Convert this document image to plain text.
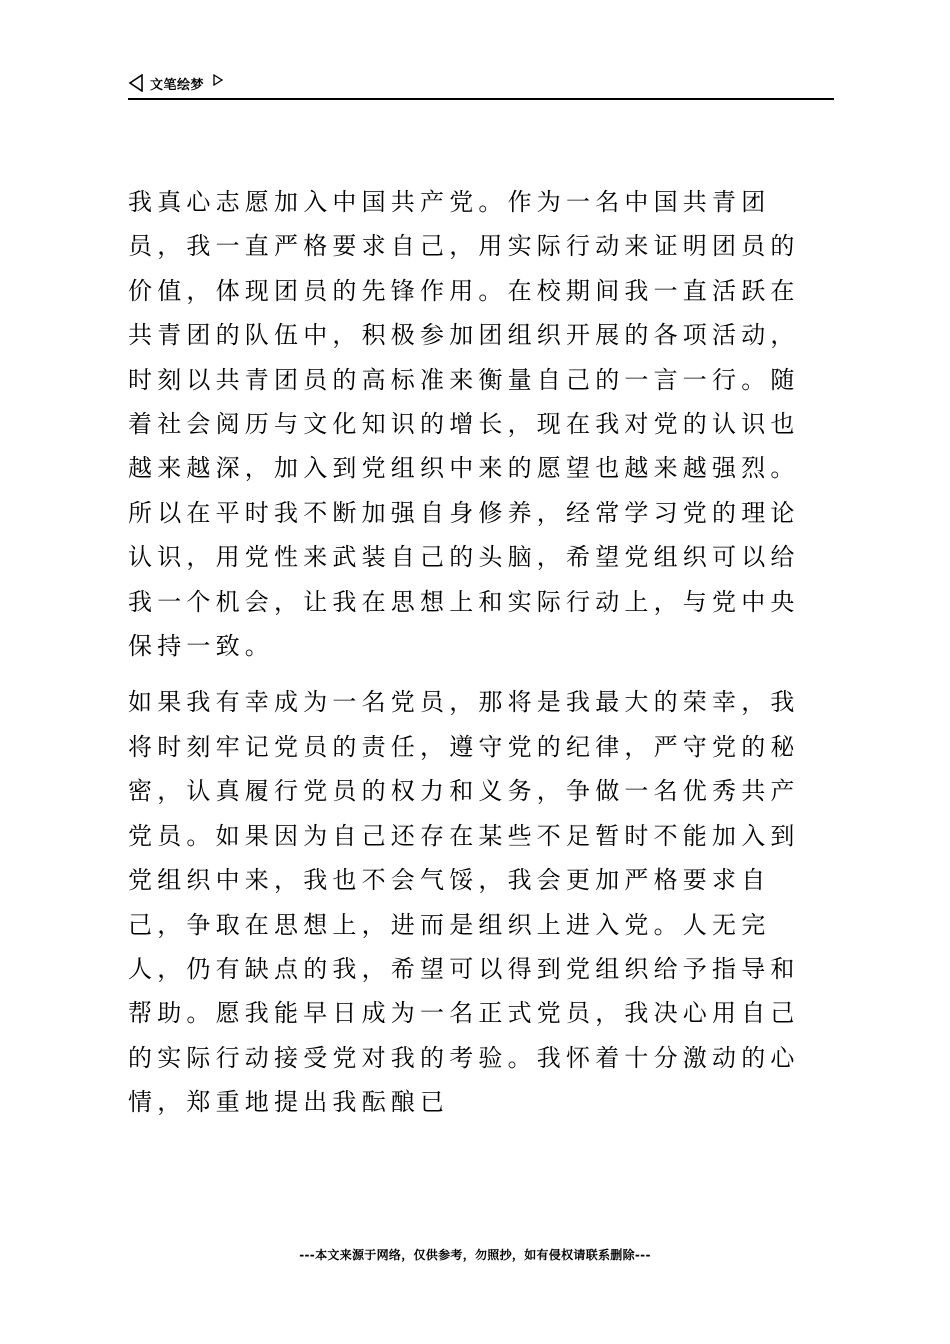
文笔绘梦

我真心志愿加入中国共产党。作为一名中国共青团员，我一直严格要求自己，用实际行动来证明团员的价值，体现团员的先锋作用。在校期间我一直活跃在共青团的队伍中，积极参加团组织开展的各项活动，时刻以共青团员的高标准来衡量自己的一言一行。随着社会阅历与文化知识的增长，现在我对党的认识也越来越深，加入到党组织中来的愿望也越来越强烈。所以在平时我不断加强自身修养，经常学习党的理论认识，用党性来武装自己的头脑，希望党组织可以给我一个机会，让我在思想上和实际行动上，与党中央保持一致。

如果我有幸成为一名党员，那将是我最大的荣幸，我将时刻牢记党员的责任，遵守党的纪律，严守党的秘密，认真履行党员的权力和义务，争做一名优秀共产党员。如果因为自己还存在某些不足暂时不能加入到党组织中来，我也不会气馁，我会更加严格要求自己，争取在思想上，进而是组织上进入党。人无完人，仍有缺点的我，希望可以得到党组织给予指导和帮助。愿我能早日成为一名正式党员，我决心用自己的实际行动接受党对我的考验。我怀着十分激动的心情，郑重地提出我酝酿已

---本文来源于网络，仅供参考，勿照抄，如有侵权请联系删除---
